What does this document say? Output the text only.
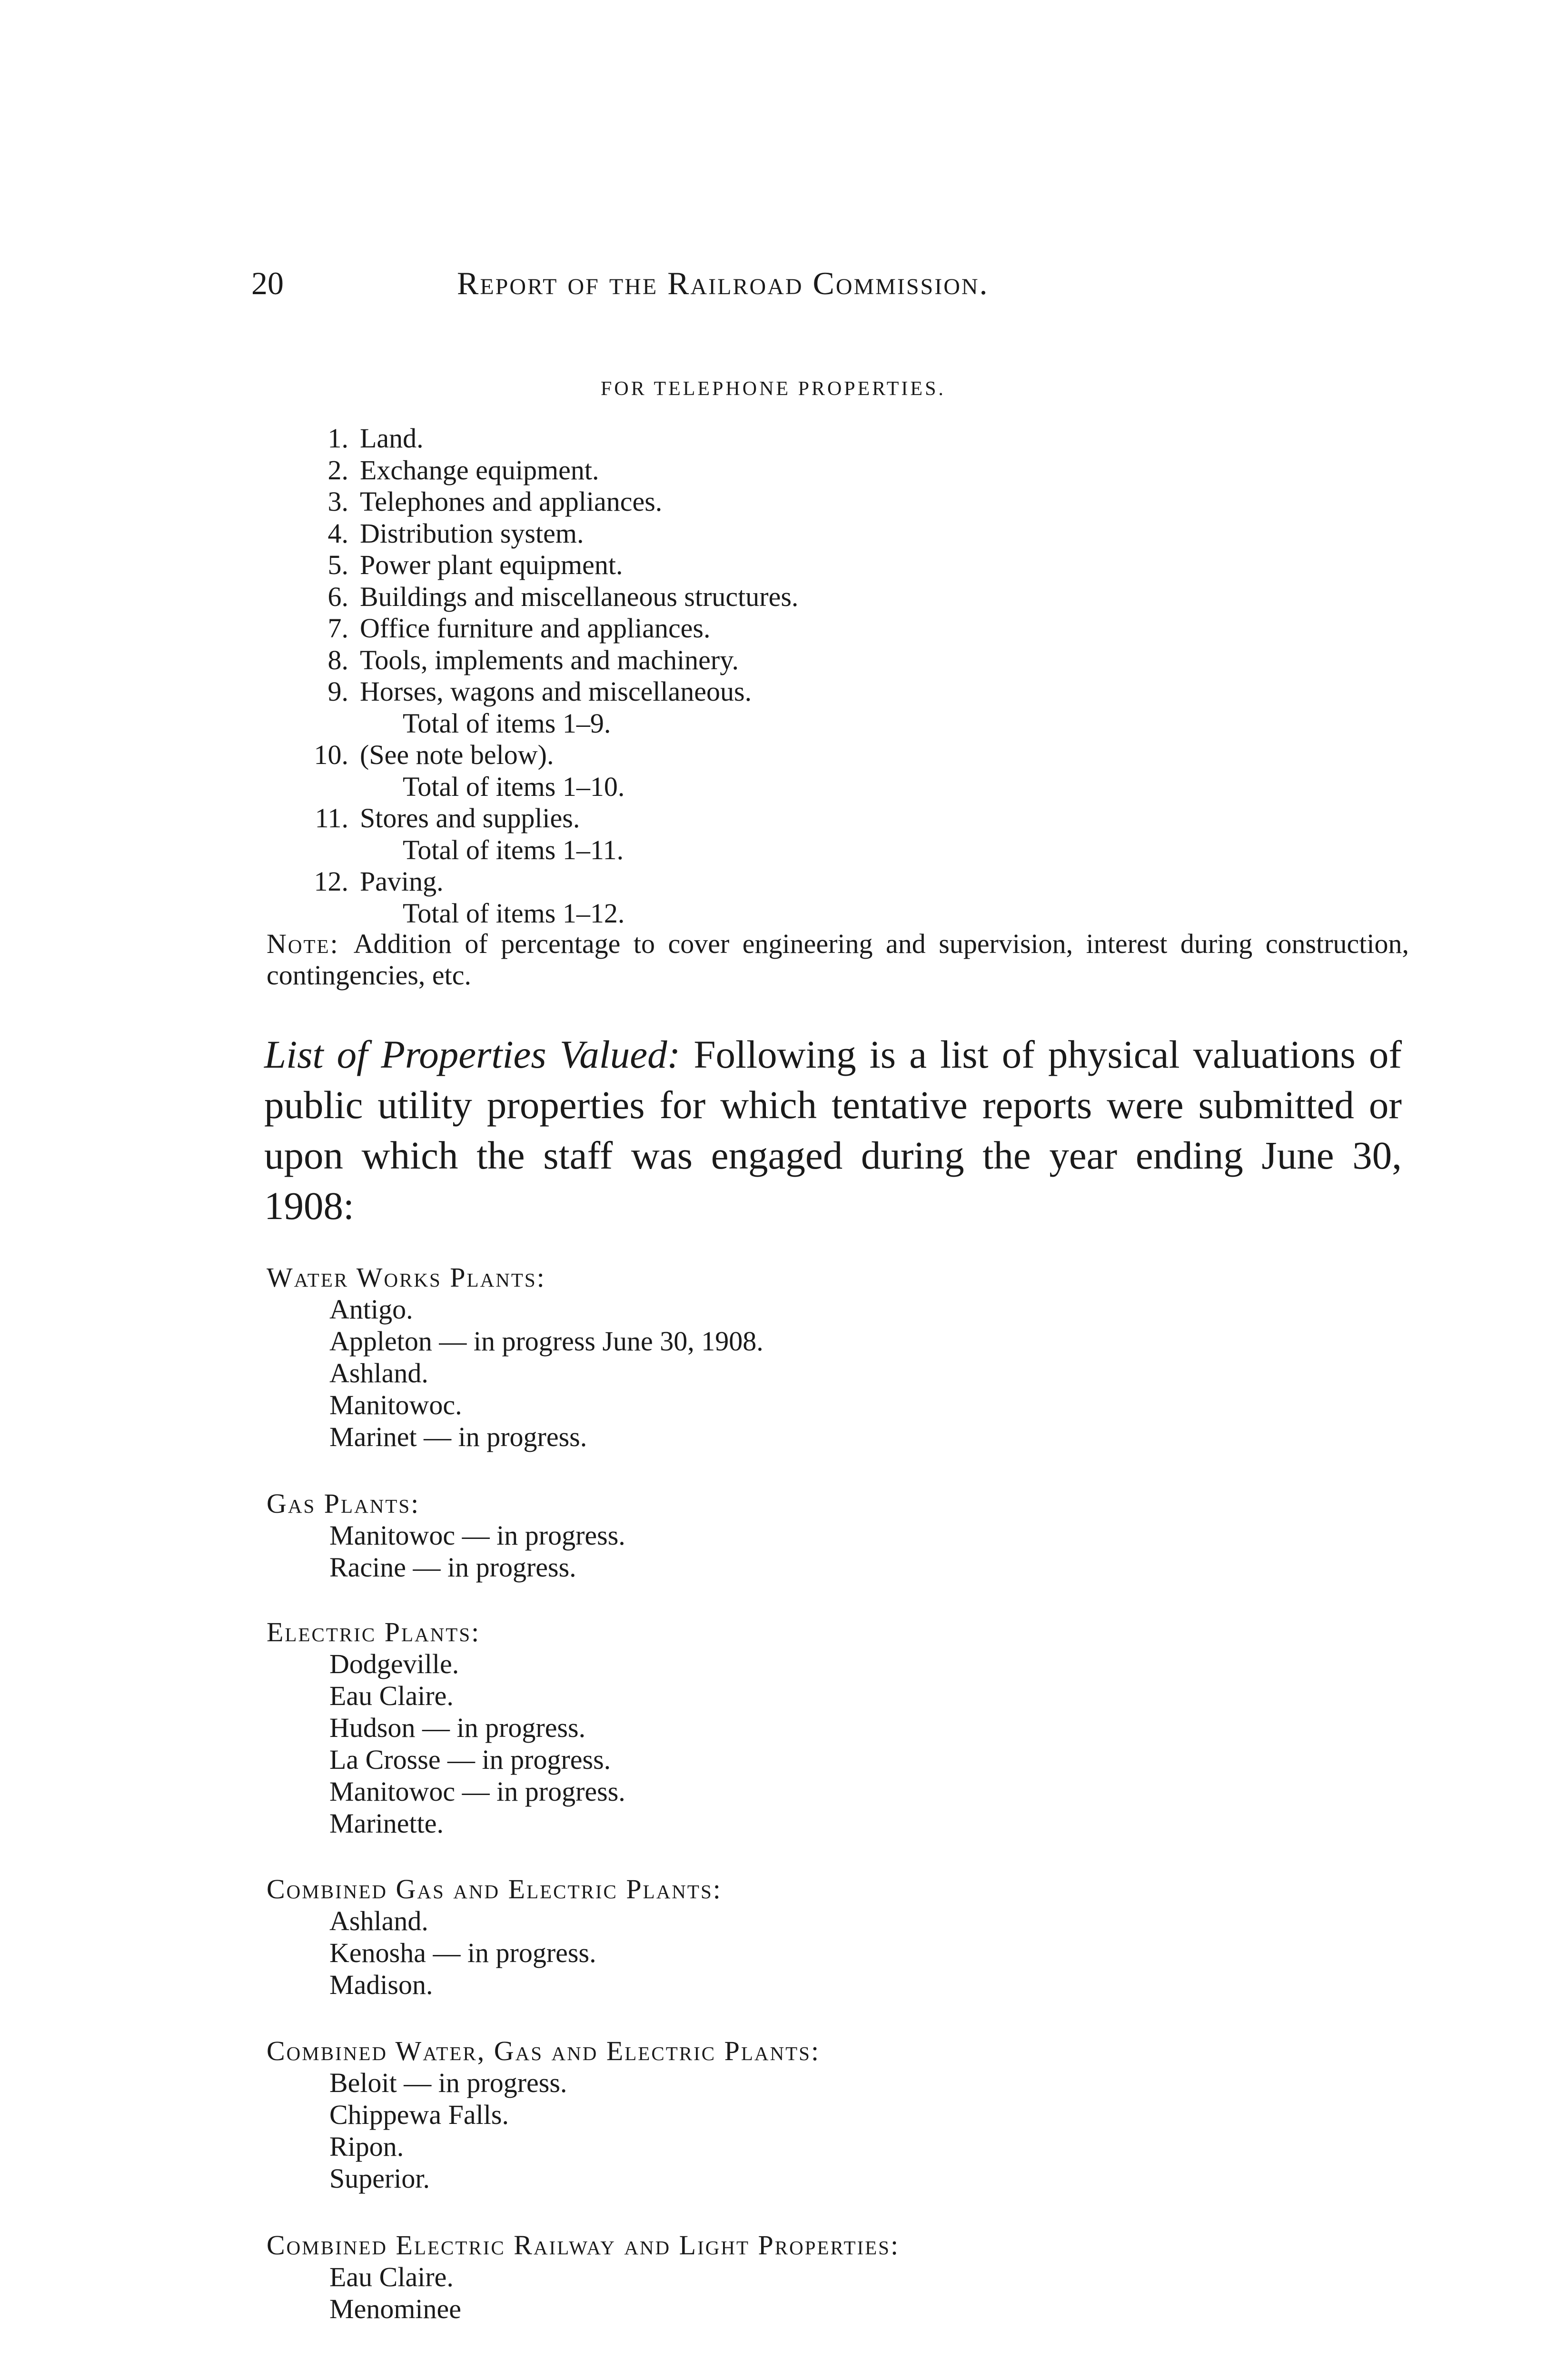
20	Report of the Railroad Commission.
FOR TELEPHONE PROPERTIES.
1. Land.
2. Exchange equipment.
3. Telephones and appliances.
4. Distribution system.
5. Power plant equipment.
6. Buildings and miscellaneous structures.
7. Office furniture and appliances.
8. Tools, implements and machinery.
9. Horses, wagons and miscellaneous.
Total of items 1–9.
10. (See note below).
Total of items 1–10.
11. Stores and supplies.
Total of items 1–11.
12. Paving.
Total of items 1–12.
Note: Addition of percentage to cover engineering and supervision, interest during construction, contingencies, etc.
List of Properties Valued: Following is a list of physical valuations of public utility properties for which tentative reports were submitted or upon which the staff was engaged during the year ending June 30, 1908:
Water Works Plants:
Antigo.
Appleton — in progress June 30, 1908.
Ashland.
Manitowoc.
Marinet — in progress.
Gas Plants:
Manitowoc — in progress.
Racine — in progress.
Electric Plants:
Dodgeville.
Eau Claire.
Hudson — in progress.
La Crosse — in progress.
Manitowoc — in progress.
Marinette.
Combined Gas and Electric Plants:
Ashland.
Kenosha — in progress.
Madison.
Combined Water, Gas and Electric Plants:
Beloit — in progress.
Chippewa Falls.
Ripon.
Superior.
Combined Electric Railway and Light Properties:
Eau Claire.
Menominee
